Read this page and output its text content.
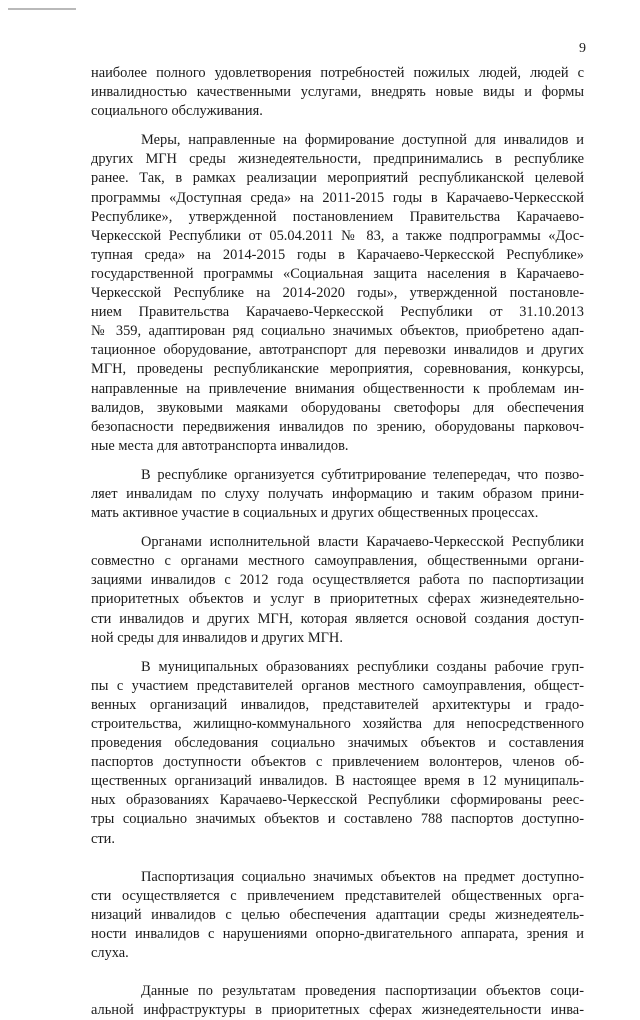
9

наиболее полного удовлетворения потребностей пожилых людей, людей с
инвалидностью качественными услугами, внедрять новые виды и формы
социального обслуживания.

Меры, направленные на формирование доступной для инвалидов и
других МГН среды жизнедеятельности, предпринимались в республике
ранее. Так, в рамках реализации мероприятий республиканской целевой
программы «Доступная среда» на 2011-2015 годы в Карачаево-Черкесской
Республике», утвержденной постановлением Правительства Карачаево-
Черкесской Республики от 05.04.2011 № 83, а также подпрограммы «Дос-
тупная среда» на 2014-2015 годы в Карачаево-Черкесской Республике»
государственной программы «Социальная защита населения в Карачаево-
Черкесской Республике на 2014-2020 годы», утвержденной постановле-
нием Правительства Карачаево-Черкесской Республики от 31.10.2013
№ 359, адаптирован ряд социально значимых объектов, приобретено адап-
тационное оборудование, автотранспорт для перевозки инвалидов и других
МГН, проведены республиканские мероприятия, соревнования, конкурсы,
направленные на привлечение внимания общественности к проблемам ин-
валидов, звуковыми маяками оборудованы светофоры для обеспечения
безопасности передвижения инвалидов по зрению, оборудованы парковоч-
ные места для автотранспорта инвалидов.

В республике организуется субтитрирование телепередач, что позво-
ляет инвалидам по слуху получать информацию и таким образом прини-
мать активное участие в социальных и других общественных процессах.

Органами исполнительной власти Карачаево-Черкесской Республики
совместно с органами местного самоуправления, общественными органи-
зациями инвалидов с 2012 года осуществляется работа по паспортизации
приоритетных объектов и услуг в приоритетных сферах жизнедеятельно-
сти инвалидов и других МГН, которая является основой создания доступ-
ной среды для инвалидов и других МГН.

В муниципальных образованиях республики созданы рабочие груп-
пы с участием представителей органов местного самоуправления, общест-
венных организаций инвалидов, представителей архитектуры и градо-
строительства, жилищно-коммунального хозяйства для непосредственного
проведения обследования социально значимых объектов и составления
паспортов доступности объектов с привлечением волонтеров, членов об-
щественных организаций инвалидов. В настоящее время в 12 муниципаль-
ных образованиях Карачаево-Черкесской Республики сформированы реес-
тры социально значимых объектов и составлено 788 паспортов доступно-
сти.

Паспортизация социально значимых объектов на предмет доступно-
сти осуществляется с привлечением представителей общественных орга-
низаций инвалидов с целью обеспечения адаптации среды жизнедеятель-
ности инвалидов с нарушениями опорно-двигательного аппарата, зрения и
слуха.

Данные по результатам проведения паспортизации объектов соци-
альной инфраструктуры в приоритетных сферах жизнедеятельности инва-
